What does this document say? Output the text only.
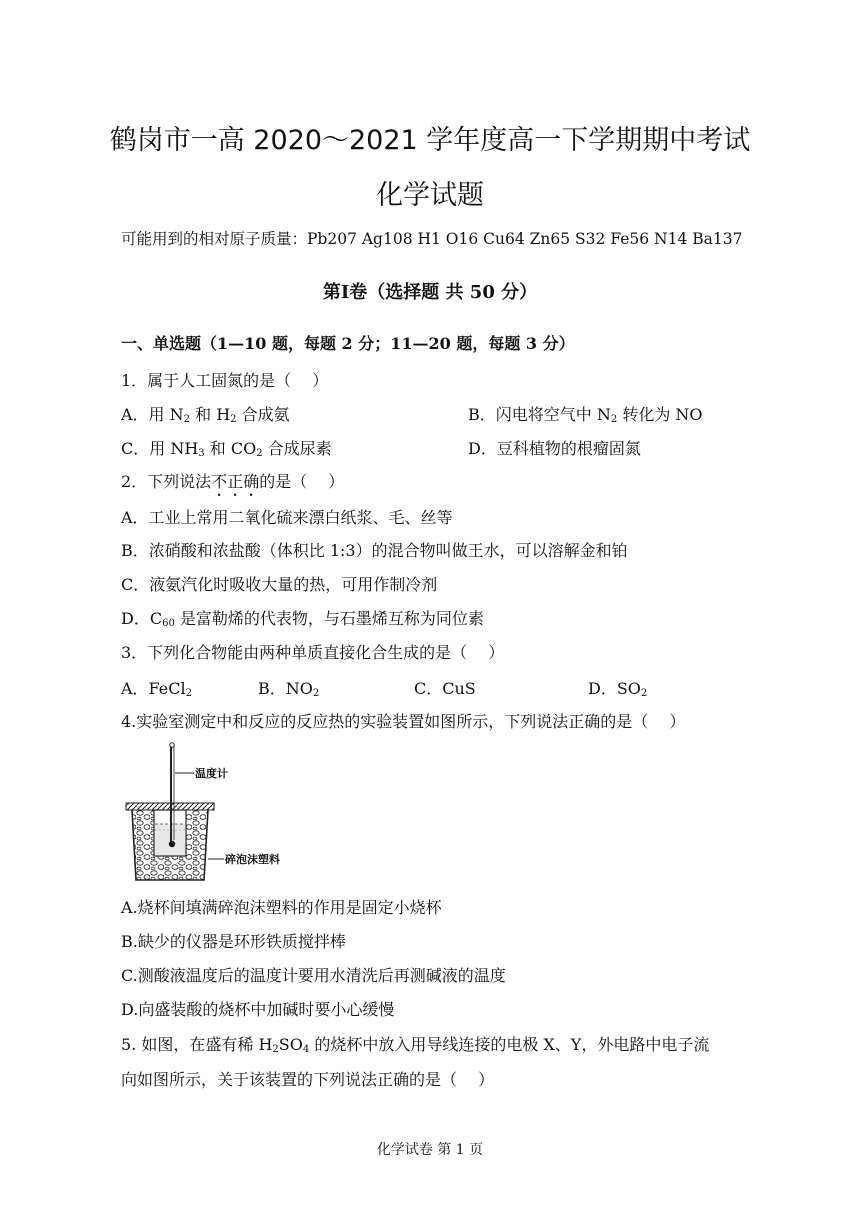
鹤岗市一高 2020～2021 学年度高一下学期期中考试
化学试题
可能用到的相对原子质量：Pb207 Ag108 H1 O16 Cu64 Zn65 S32 Fe56 N14 Ba137
第Ⅰ卷（选择题 共 50 分）
一、单选题（1—10 题，每题 2 分；11—20 题，每题 3 分）
1．属于人工固氮的是（　 ）
A．用 $N_2$ 和 $H_2$ 合成氨	B．闪电将空气中 $N_2$ 转化为 NO
C．用 $NH_3$ 和 $CO_2$ 合成尿素	D．豆科植物的根瘤固氮
2．下列说法不正确的是（　 ）
A．工业上常用二氧化硫来漂白纸浆、毛、丝等
B．浓硝酸和浓盐酸（体积比 1:3）的混合物叫做王水，可以溶解金和铂
C．液氨汽化时吸收大量的热，可用作制冷剂
D．$C_{60}$ 是富勒烯的代表物，与石墨烯互称为同位素
3．下列化合物能由两种单质直接化合生成的是（　 ）
A．FeCl$_2$	B．$NO_2$	C．CuS	D．$SO_2$
4.实验室测定中和反应的反应热的实验装置如图所示，下列说法正确的是（　 ）
温度计
碎泡沫塑料
A.烧杯间填满碎泡沫塑料的作用是固定小烧杯
B.缺少的仪器是环形铁质搅拌棒
C.测酸液温度后的温度计要用水清洗后再测碱液的温度
D.向盛装酸的烧杯中加碱时要小心缓慢
5. 如图，在盛有稀 $H_2SO_4$ 的烧杯中放入用导线连接的电极 X、Y，外电路中电子流
向如图所示，关于该装置的下列说法正确的是（　 ）
化学试卷 第 1 页
